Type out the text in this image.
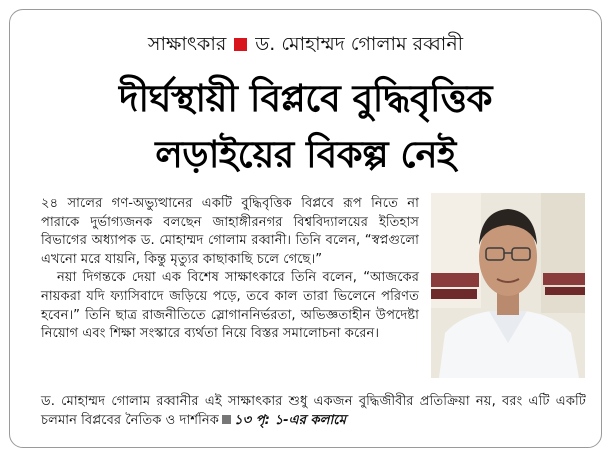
সাক্ষাৎকার ড. মোহাম্মদ গোলাম রব্বানী
দীর্ঘস্থায়ী বিপ্লবে বুদ্ধিবৃত্তিক
লড়াইয়ের বিকল্প নেই

২৪ সালের গণ-অভ্যুত্থানের একটি বুদ্ধিবৃত্তিক বিপ্লবে রূপ নিতে না পারাকে দুর্ভাগ্যজনক বলছেন জাহাঙ্গীরনগর বিশ্ববিদ্যালয়ের ইতিহাস বিভাগের অধ্যাপক ড. মোহাম্মদ গোলাম রব্বানী। তিনি বলেন, “স্বপ্নগুলো এখনো মরে যায়নি, কিন্তু মৃত্যুর কাছাকাছি চলে গেছে।”

নয়া দিগন্তকে দেয়া এক বিশেষ সাক্ষাৎকারে তিনি বলেন, “আজকের নায়করা যদি ফ্যাসিবাদে জড়িয়ে পড়ে, তবে কাল তারা ভিলেনে পরিণত হবেন।” তিনি ছাত্র রাজনীতিতে স্লোগাননির্ভরতা, অভিজ্ঞতাহীন উপদেষ্টা নিয়োগ এবং শিক্ষা সংস্কারে ব্যর্থতা নিয়ে বিস্তর সমালোচনা করেন।

ড. মোহাম্মদ গোলাম রব্বানীর এই সাক্ষাৎকার শুধু একজন বুদ্ধিজীবীর প্রতিক্রিয়া নয়, বরং এটি একটি চলমান বিপ্লবের নৈতিক ও দার্শনিক ১৩ পৃ: ১-এর কলামে
